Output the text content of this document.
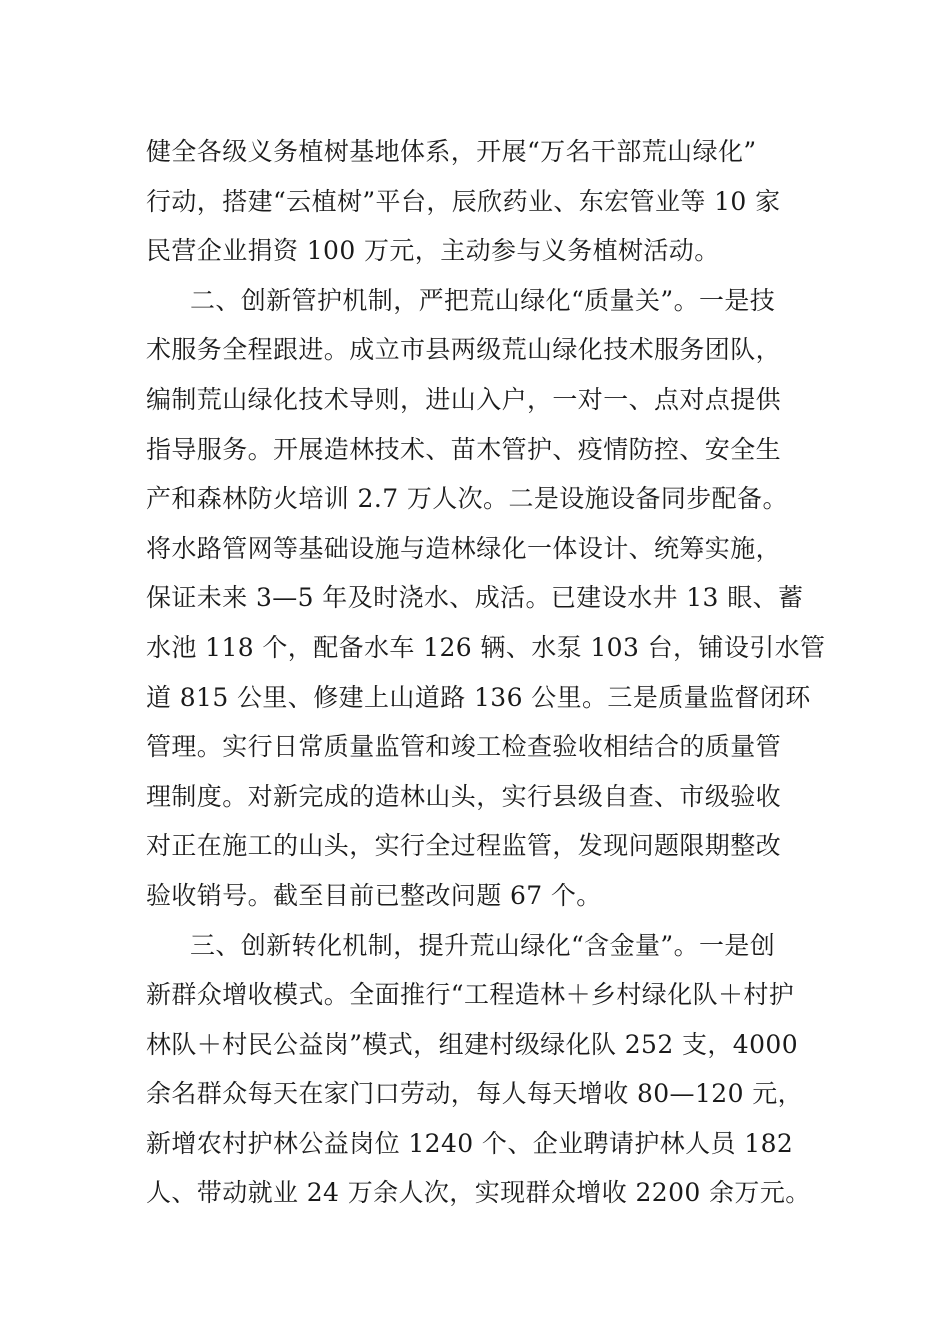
健全各级义务植树基地体系，开展“万名干部荒山绿化”
行动，搭建“云植树”平台，辰欣药业、东宏管业等 10 家
民营企业捐资 100 万元，主动参与义务植树活动。
二、创新管护机制，严把荒山绿化“质量关”。一是技
术服务全程跟进。成立市县两级荒山绿化技术服务团队，
编制荒山绿化技术导则，进山入户，一对一、点对点提供
指导服务。开展造林技术、苗木管护、疫情防控、安全生
产和森林防火培训 2.7 万人次。二是设施设备同步配备。
将水路管网等基础设施与造林绿化一体设计、统筹实施，
保证未来 3—5 年及时浇水、成活。已建设水井 13 眼、蓄
水池 118 个，配备水车 126 辆、水泵 103 台，铺设引水管
道 815 公里、修建上山道路 136 公里。三是质量监督闭环
管理。实行日常质量监管和竣工检查验收相结合的质量管
理制度。对新完成的造林山头，实行县级自查、市级验收
对正在施工的山头，实行全过程监管，发现问题限期整改
验收销号。截至目前已整改问题 67 个。
三、创新转化机制，提升荒山绿化“含金量”。一是创
新群众增收模式。全面推行“工程造林＋乡村绿化队＋村护
林队＋村民公益岗”模式，组建村级绿化队 252 支，4000
余名群众每天在家门口劳动，每人每天增收 80—120 元，
新增农村护林公益岗位 1240 个、企业聘请护林人员 182
人、带动就业 24 万余人次，实现群众增收 2200 余万元。
